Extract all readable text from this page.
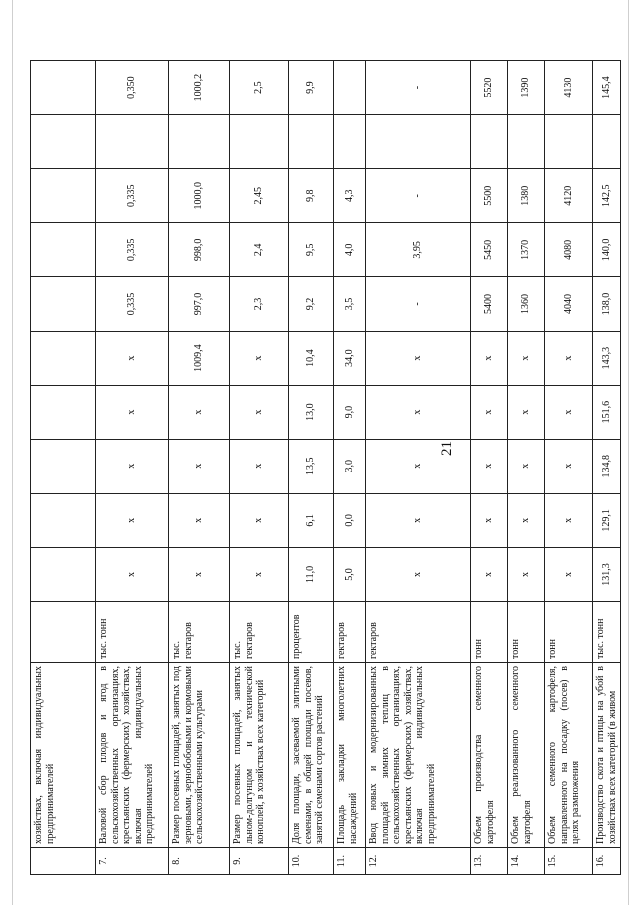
21
	хозяйствах, включая индивидуальных предпринимателей											
7.	Валовой сбор плодов и ягод в сельскохозяйственных организациях, крестьянских (фермерских) хозяйствах, включая индивидуальных предпринимателей	тыс. тонн	x	x	x	x	x	0,335	0,335	0,335		0,350
8.	Размер посевных площадей, занятых под зерновыми, зернобобовыми и кормовыми сельскохозяйственными культурами	тыс. гектаров	x	x	x	x	1009,4	997,0	998,0	1000,0		1000,2
9.	Размер посевных площадей, занятых льном-долгунцом и технической коноплей, в хозяйствах всех категорий	тыс. гектаров	x	x	x	x	x	2,3	2,4	2,45		2,5
10.	Доля площади, засеваемой элитными семенами, в общей площади посевов, занятой семенами сортов растений	процентов	11,0	6,1	13,5	13,0	10,4	9,2	9,5	9,8		9,9
11.	Площадь закладки многолетних насаждений	гектаров	5,0	0,0	3,0	9,0	34,0	3,5	4,0	4,3		
12.	Ввод новых и модернизированных площадей зимних теплиц в сельскохозяйственных организациях, крестьянских (фермерских) хозяйствах, включая индивидуальных предпринимателей	гектаров	x	x	x	x	x	-	3,95	-		-
13.	Объем производства семенного картофеля	тонн	x	x	x	x	x	5400	5450	5500		5520
14.	Объем реализованного семенного картофеля	тонн	x	x	x	x	x	1360	1370	1380		1390
15.	Объем семенного картофеля, направленного на посадку (посев) в целях размножения	тонн	x	x	x	x	x	4040	4080	4120		4130
16.	Производство скота и птицы на убой в хозяйствах всех категорий (в живом	тыс. тонн	131,3	129,1	134,8	151,6	143,3	138,0	140,0	142,5		145,4
